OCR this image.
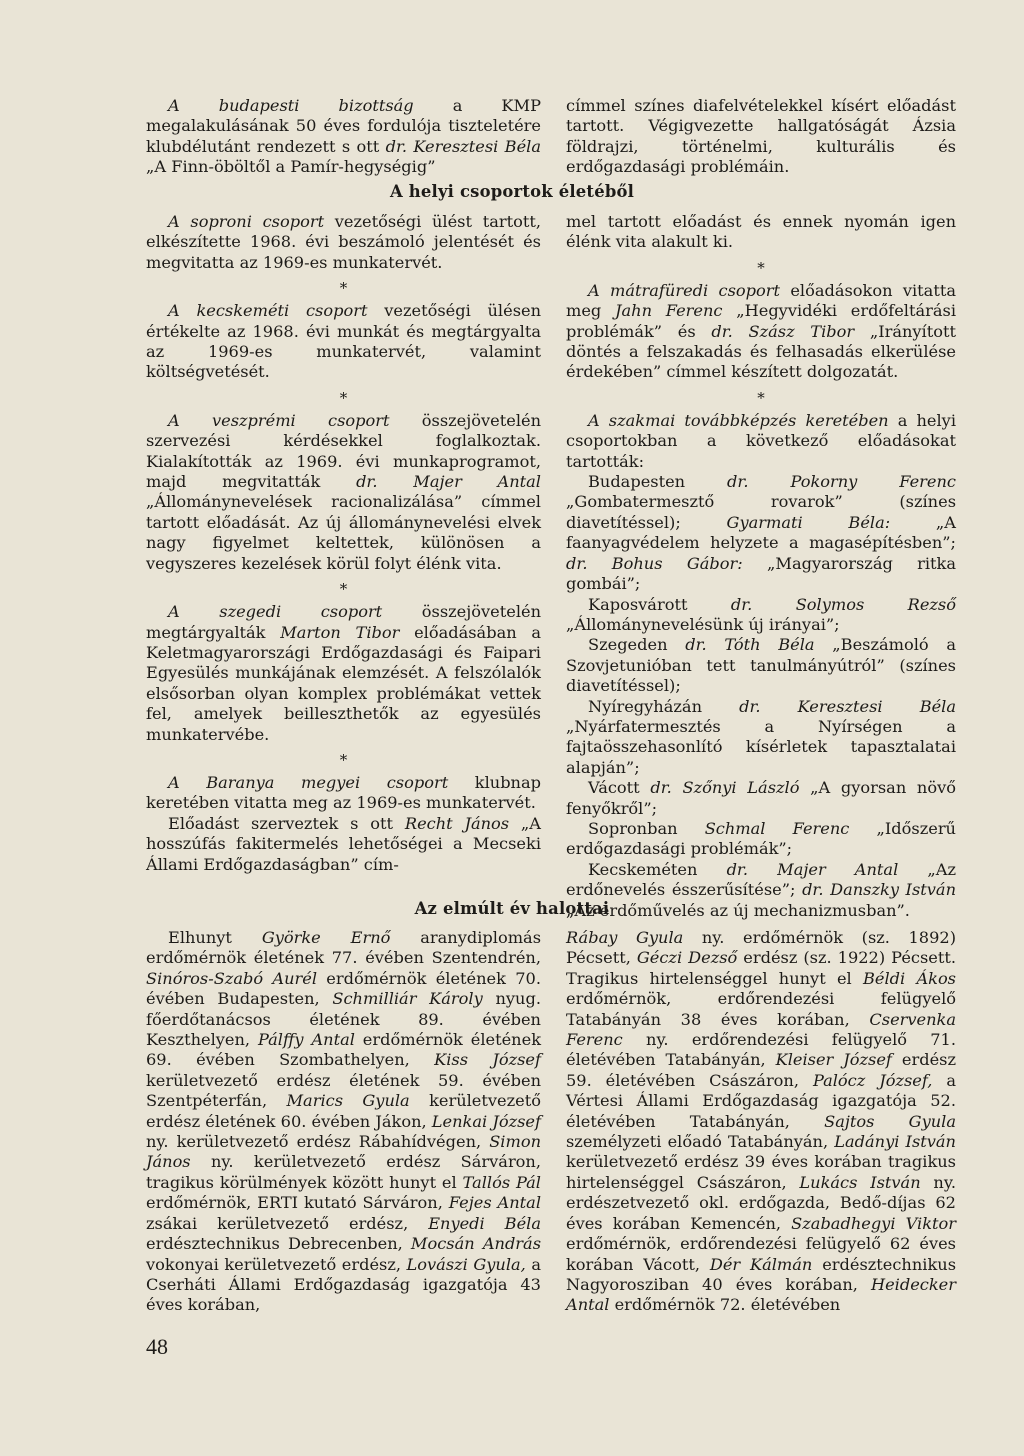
A budapesti bizottság a KMP megalakulásának 50 éves fordulója tiszteletére klubdélutánt rendezett s ott dr. Keresztesi Béla „A Finn-öböltől a Pamír-hegységig”

címmel színes diafelvételekkel kísért előadást tartott. Végigvezette hallgatóságát Ázsia földrajzi, történelmi, kulturális és erdőgazdasági problémáin.

A helyi csoportok életéből

A soproni csoport vezetőségi ülést tartott, elkészítette 1968. évi beszámoló jelentését és megvitatta az 1969-es munkatervét.

*

A kecskeméti csoport vezetőségi ülésen értékelte az 1968. évi munkát és megtárgyalta az 1969-es munkatervét, valamint költségvetését.

*

A veszprémi csoport összejövetelén szervezési kérdésekkel foglalkoztak. Kialakították az 1969. évi munkaprogramot, majd megvitatták dr. Majer Antal „Állománynevelések racionalizálása” címmel tartott előadását. Az új állománynevelési elvek nagy figyelmet keltettek, különösen a vegyszeres kezelések körül folyt élénk vita.

*

A szegedi csoport összejövetelén megtárgyalták Marton Tibor előadásában a Keletmagyarországi Erdőgazdasági és Faipari Egyesülés munkájának elemzését. A felszólalók elsősorban olyan komplex problémákat vettek fel, amelyek beilleszthetők az egyesülés munkatervébe.

*

A Baranya megyei csoport klubnap keretében vitatta meg az 1969-es munkatervét.

Előadást szerveztek s ott Recht János „A hosszúfás fakitermelés lehetőségei a Mecseki Állami Erdőgazdaságban” cím-

mel tartott előadást és ennek nyomán igen élénk vita alakult ki.

*

A mátrafüredi csoport előadásokon vitatta meg Jahn Ferenc „Hegyvidéki erdőfeltárási problémák” és dr. Szász Tibor „Irányított döntés a felszakadás és felhasadás elkerülése érdekében” címmel készített dolgozatát.

*

A szakmai továbbképzés keretében a helyi csoportokban a következő előadásokat tartották:

Budapesten dr. Pokorny Ferenc „Gombatermesztő rovarok” (színes diavetítéssel); Gyarmati Béla: „A faanyagvédelem helyzete a magasépítésben”; dr. Bohus Gábor: „Magyarország ritka gombái”;

Kaposvárott dr. Solymos Rezső „Állománynevelésünk új irányai”;

Szegeden dr. Tóth Béla „Beszámoló a Szovjetunióban tett tanulmányútról” (színes diavetítéssel);

Nyíregyházán dr. Keresztesi Béla „Nyárfatermesztés a Nyírségen a fajtaösszehasonlító kísérletek tapasztalatai alapján”;

Vácott dr. Szőnyi László „A gyorsan növő fenyőkről”;

Sopronban Schmal Ferenc „Időszerű erdőgazdasági problémák”;

Kecskeméten dr. Majer Antal „Az erdőnevelés ésszerűsítése”; dr. Danszky István „Az erdőművelés az új mechanizmusban”.

Az elmúlt év halottai

Elhunyt Györke Ernő aranydiplomás erdőmérnök életének 77. évében Szentendrén, Sinóros-Szabó Aurél erdőmérnök életének 70. évében Budapesten, Schmilliár Károly nyug. főerdőtanácsos életének 89. évében Keszthelyen, Pálffy Antal erdőmérnök életének 69. évében Szombathelyen, Kiss József kerületvezető erdész életének 59. évében Szentpéterfán, Marics Gyula kerületvezető erdész életének 60. évében Jákon, Lenkai József ny. kerületvezető erdész Rábahídvégen, Simon János ny. kerületvezető erdész Sárváron, tragikus körülmények között hunyt el Tallós Pál erdőmérnök, ERTI kutató Sárváron, Fejes Antal zsákai kerületvezető erdész, Enyedi Béla erdésztechnikus Debrecenben, Mocsán András vokonyai kerületvezető erdész, Lovászi Gyula, a Cserháti Állami Erdőgazdaság igazgatója 43 éves korában,

Rábay Gyula ny. erdőmérnök (sz. 1892) Pécsett, Géczi Dezső erdész (sz. 1922) Pécsett. Tragikus hirtelenséggel hunyt el Béldi Ákos erdőmérnök, erdőrendezési felügyelő Tatabányán 38 éves korában, Cservenka Ferenc ny. erdőrendezési felügyelő 71. életévében Tatabányán, Kleiser József erdész 59. életévében Császáron, Palócz József, a Vértesi Állami Erdőgazdaság igazgatója 52. életévében Tatabányán, Sajtos Gyula személyzeti előadó Tatabányán, Ladányi István kerületvezető erdész 39 éves korában tragikus hirtelenséggel Császáron, Lukács István ny. erdészetvezető okl. erdőgazda, Bedő-díjas 62 éves korában Kemencén, Szabadhegyi Viktor erdőmérnök, erdőrendezési felügyelő 62 éves korában Vácott, Dér Kálmán erdésztechnikus Nagyorosziban 40 éves korában, Heidecker Antal erdőmérnök 72. életévében

48
